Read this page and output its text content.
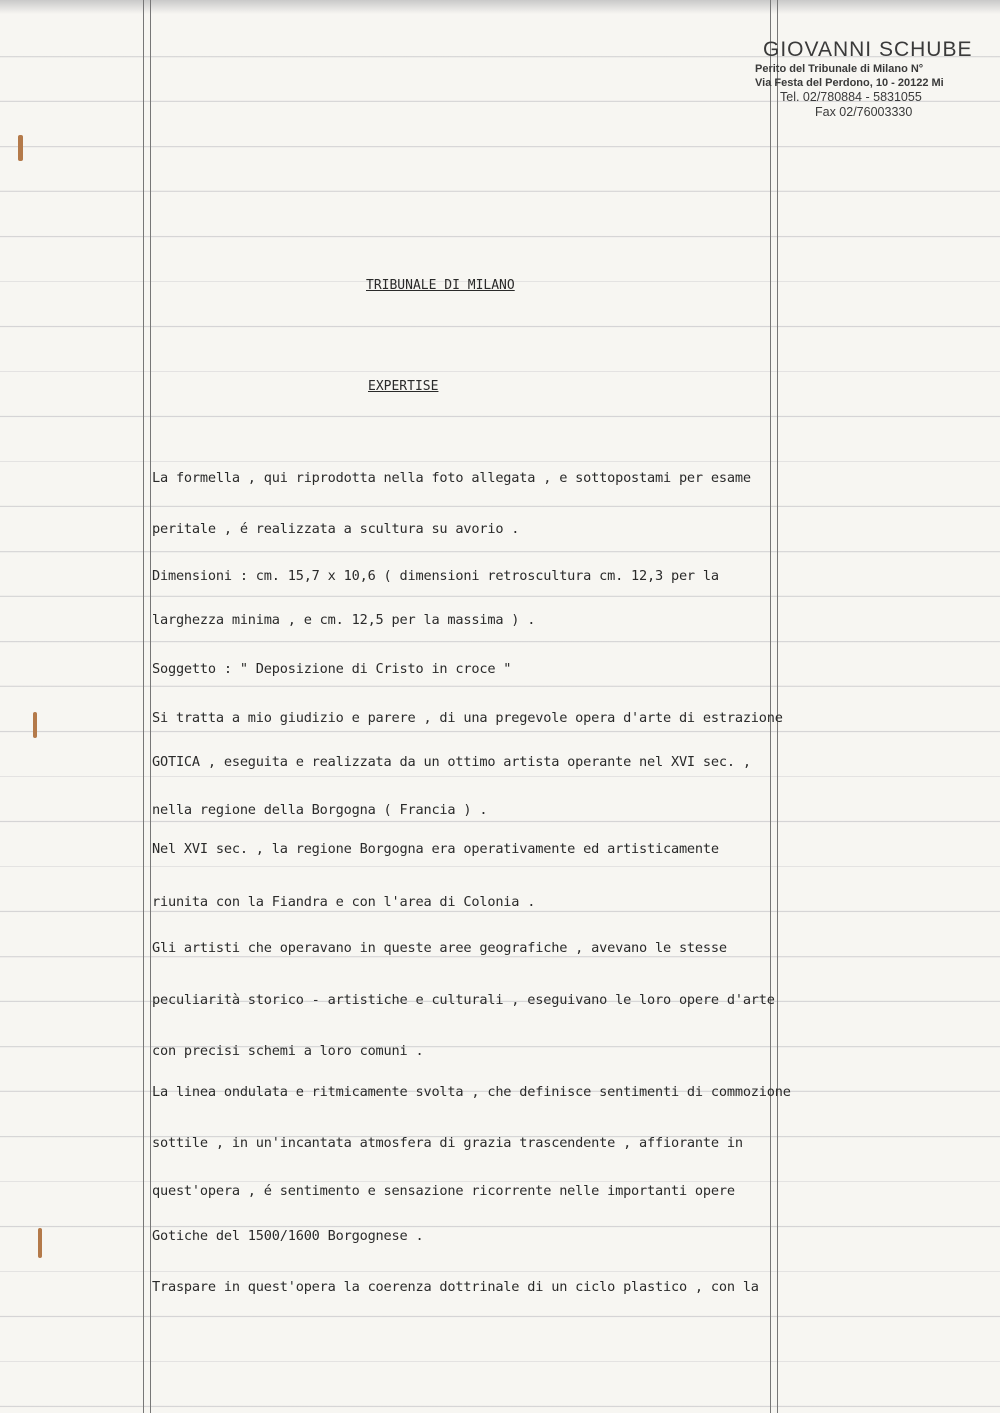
GIOVANNI SCHUBE
Perito del Tribunale di Milano N°
Via Festa del Perdono, 10 - 20122 Mi
Tel. 02/780884 - 5831055
Fax 02/76003330
TRIBUNALE DI MILANO
EXPERTISE
La formella , qui riprodotta nella foto allegata , e sottopostami per esame
peritale , é realizzata a scultura su avorio .
Dimensioni : cm. 15,7 x 10,6 ( dimensioni retroscultura cm. 12,3 per la
larghezza minima , e cm. 12,5 per la massima ) .
Soggetto : " Deposizione di Cristo in croce "
Si tratta a mio giudizio e parere , di una pregevole opera d'arte di estrazione
GOTICA , eseguita e realizzata da un ottimo artista operante nel XVI sec. ,
nella regione della Borgogna ( Francia ) .
Nel XVI sec. , la regione Borgogna era operativamente ed artisticamente
riunita con la Fiandra e con l'area di Colonia .
Gli artisti che operavano in queste aree geografiche , avevano le stesse
peculiarità storico - artistiche e culturali , eseguivano le loro opere d'arte
con precisi schemi a loro comuni .
La linea ondulata e ritmicamente svolta , che definisce sentimenti di commozione
sottile , in un'incantata atmosfera di grazia trascendente , affiorante in
quest'opera , é sentimento e sensazione ricorrente nelle importanti opere
Gotiche del 1500/1600 Borgognese .
Traspare in quest'opera la coerenza dottrinale di un ciclo plastico , con la
